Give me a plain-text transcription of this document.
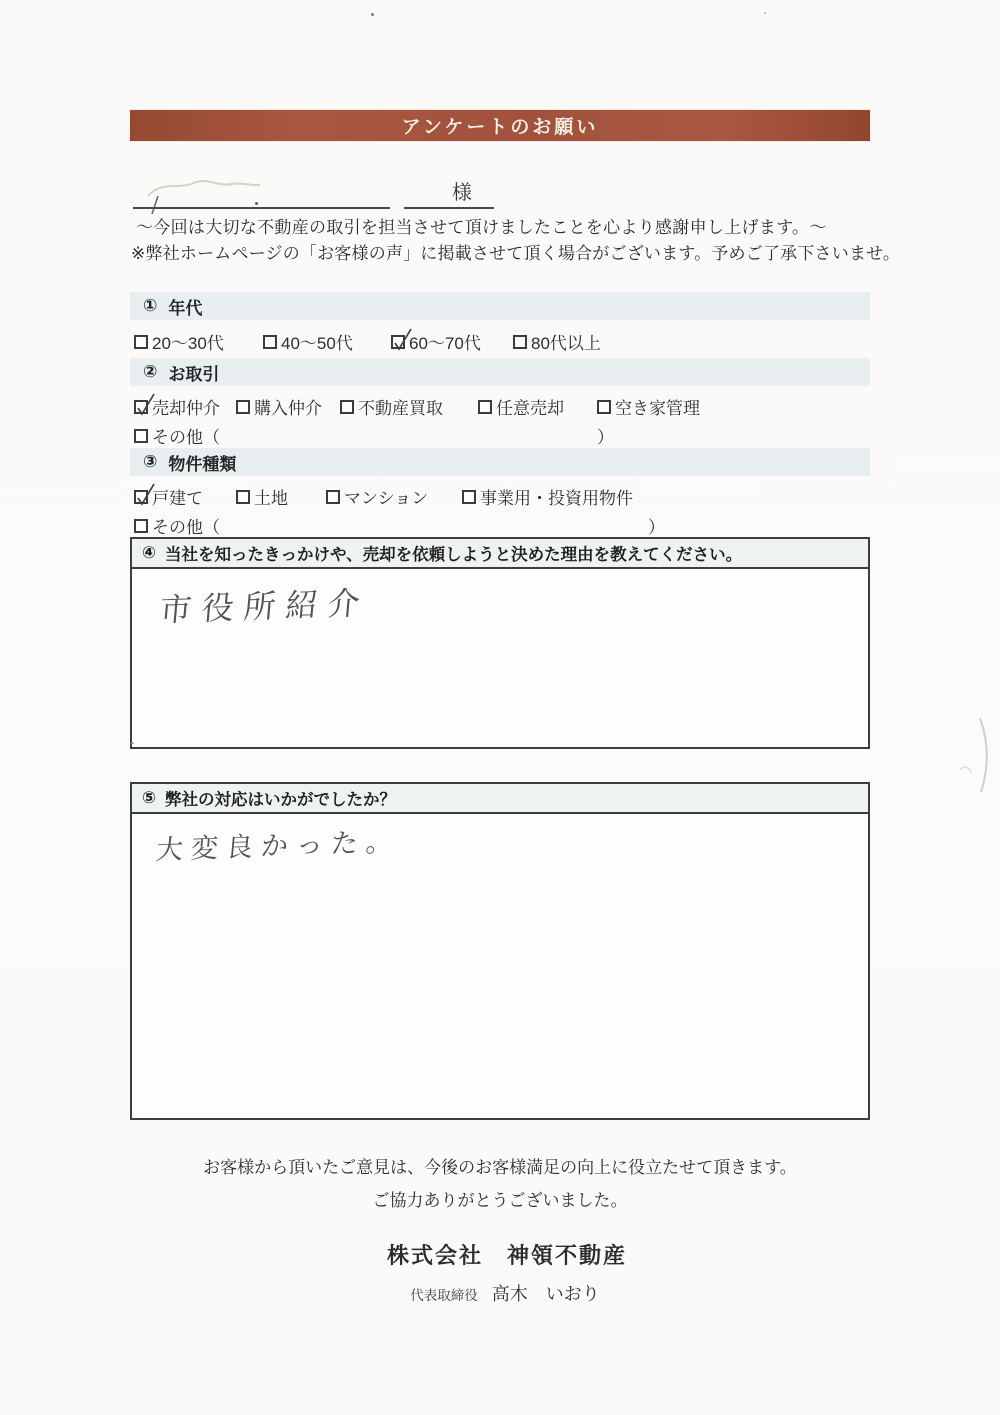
アンケートのお願い
様
～今回は大切な不動産の取引を担当させて頂けましたことを心より感謝申し上げます。～
※弊社ホームページの「お客様の声」に掲載させて頂く場合がございます。予めご了承下さいませ。
① 年代
20～30代	40～50代	60～70代	80代以上
② お取引
売却仲介 購入仲介 不動産買取	任意売却	空き家管理
その他 （	）
③ 物件種類
戸建て	土地	マンション	事業用・投資用物件
その他 （	）
④ 当社を知ったきっかけや、売却を依頼しようと決めた理由を教えてください。
市役所紹介
⑤ 弊社の対応はいかがでしたか？
大変良かった。
お客様から頂いたご意見は、今後のお客様満足の向上に役立たせて頂きます。
ご協力ありがとうございました。
株式会社　神領不動産
代表取締役 高木　いおり
